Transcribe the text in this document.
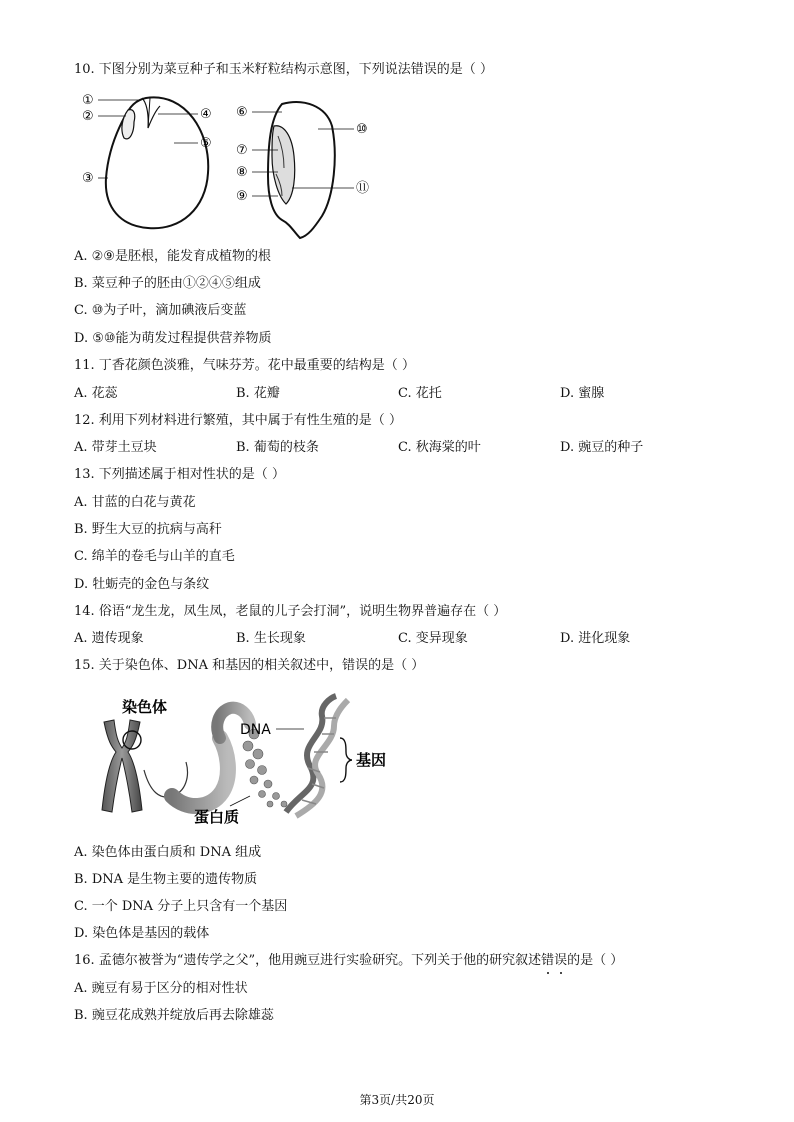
10. 下图分别为菜豆种子和玉米籽粒结构示意图，下列说法错误的是（ ）
①
②
③
④
⑤
⑥
⑦
⑧
⑨
⑩
⑪
A. ②⑨是胚根，能发育成植物的根
B. 菜豆种子的胚由①②④⑤组成
C. ⑩为子叶，滴加碘液后变蓝
D. ⑤⑩能为萌发过程提供营养物质
11. 丁香花颜色淡雅，气味芬芳。花中最重要的结构是（ ）
A. 花蕊	B. 花瓣	C. 花托	D. 蜜腺
12. 利用下列材料进行繁殖，其中属于有性生殖的是（ ）
A. 带芽土豆块	B. 葡萄的枝条	C. 秋海棠的叶	D. 豌豆的种子
13. 下列描述属于相对性状的是（ ）
A. 甘蓝的白花与黄花
B. 野生大豆的抗病与高秆
C. 绵羊的卷毛与山羊的直毛
D. 牡蛎壳的金色与条纹
14. 俗语“龙生龙，凤生凤，老鼠的儿子会打洞”，说明生物界普遍存在（ ）
A. 遗传现象	B. 生长现象	C. 变异现象	D. 进化现象
15. 关于染色体、DNA 和基因的相关叙述中，错误的是（ ）
染色体
DNA
基因
蛋白质
A. 染色体由蛋白质和 DNA 组成
B. DNA 是生物主要的遗传物质
C. 一个 DNA 分子上只含有一个基因
D. 染色体是基因的载体
16. 孟德尔被誉为“遗传学之父”，他用豌豆进行实验研究。下列关于他的研究叙述错
误
的是（ ）
A. 豌豆有易于区分的相对性状
B. 豌豆花成熟并绽放后再去除雄蕊
第3页/共20页
